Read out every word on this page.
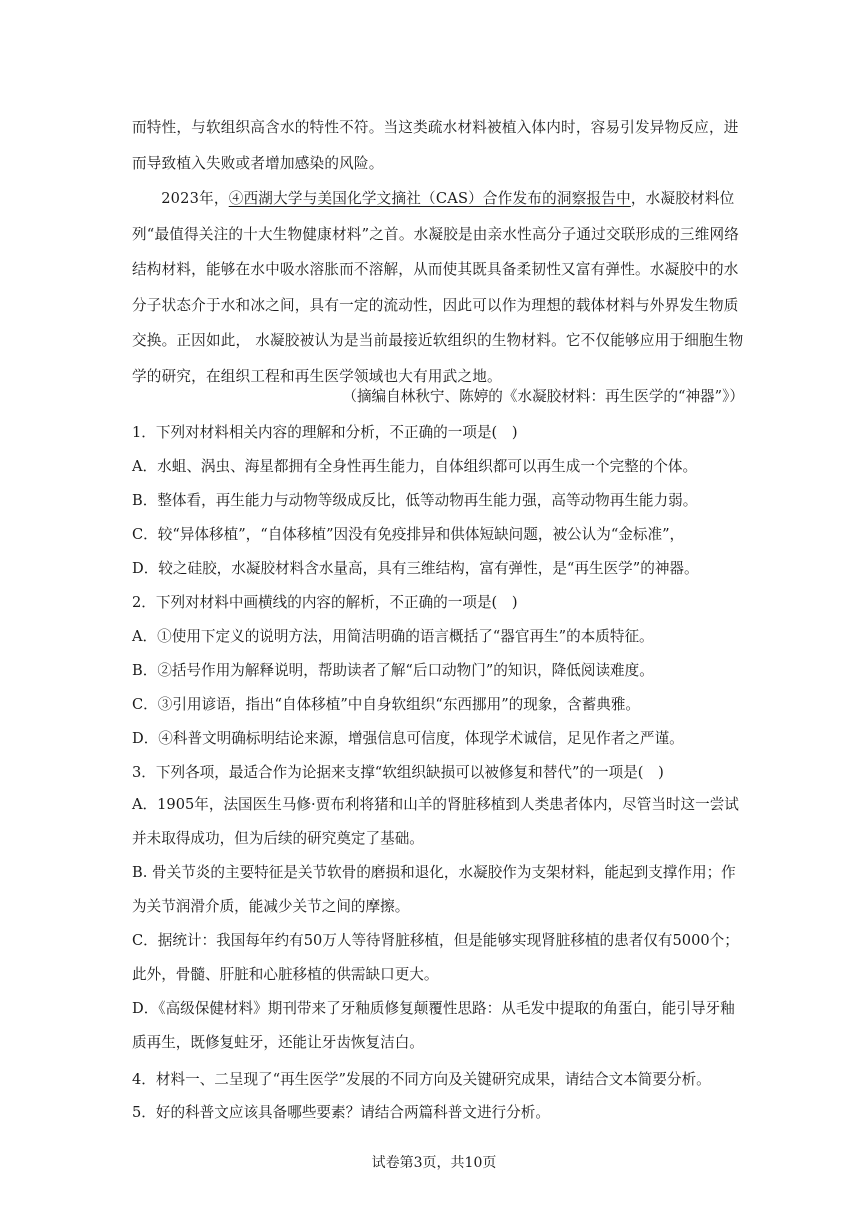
而特性，与软组织高含水的特性不符。当这类疏水材料被植入体内时，容易引发异物反应，进而导致植入失败或者增加感染的风险。
2023年，④西湖大学与美国化学文摘社（CAS）合作发布的洞察报告中，水凝胶材料位列“最值得关注的十大生物健康材料”之首。水凝胶是由亲水性高分子通过交联形成的三维网络结构材料，能够在水中吸水溶胀而不溶解，从而使其既具备柔韧性又富有弹性。水凝胶中的水分子状态介于水和冰之间，具有一定的流动性，因此可以作为理想的载体材料与外界发生物质交换。正因如此， 水凝胶被认为是当前最接近软组织的生物材料。它不仅能够应用于细胞生物学的研究，在组织工程和再生医学领域也大有用武之地。
（摘编自林秋宁、陈婷的《水凝胶材料：再生医学的“神器”》）
1．下列对材料相关内容的理解和分析，不正确的一项是(　)
A．水蛆、涡虫、海星都拥有全身性再生能力，自体组织都可以再生成一个完整的个体。
B．整体看，再生能力与动物等级成反比，低等动物再生能力强，高等动物再生能力弱。
C．较“异体移植”，“自体移植”因没有免疫排异和供体短缺问题，被公认为“金标准”，
D．较之硅胶，水凝胶材料含水量高，具有三维结构，富有弹性，是“再生医学”的神器。
2．下列对材料中画横线的内容的解析，不正确的一项是(　)
A．①使用下定义的说明方法，用简洁明确的语言概括了“器官再生”的本质特征。
B．②括号作用为解释说明，帮助读者了解“后口动物门”的知识，降低阅读难度。
C．③引用谚语，指出“自体移植”中自身软组织“东西挪用”的现象，含蓄典雅。
D．④科普文明确标明结论来源，增强信息可信度，体现学术诚信，足见作者之严谨。
3．下列各项，最适合作为论据来支撑“软组织缺损可以被修复和替代”的一项是(　)
A．1905年，法国医生马修·贾布利将猪和山羊的肾脏移植到人类患者体内，尽管当时这一尝试并未取得成功，但为后续的研究奠定了基础。
B. 骨关节炎的主要特征是关节软骨的磨损和退化，水凝胶作为支架材料，能起到支撑作用；作为关节润滑介质，能减少关节之间的摩擦。
C．据统计：我国每年约有50万人等待肾脏移植，但是能够实现肾脏移植的患者仅有5000个；此外，骨髓、肝脏和心脏移植的供需缺口更大。
D．《高级保健材料》期刊带来了牙釉质修复颠覆性思路：从毛发中提取的角蛋白，能引导牙釉质再生，既修复蛀牙，还能让牙齿恢复洁白。
4．材料一、二呈现了“再生医学”发展的不同方向及关键研究成果，请结合文本简要分析。
5．好的科普文应该具备哪些要素？请结合两篇科普文进行分析。
试卷第3页，共10页
